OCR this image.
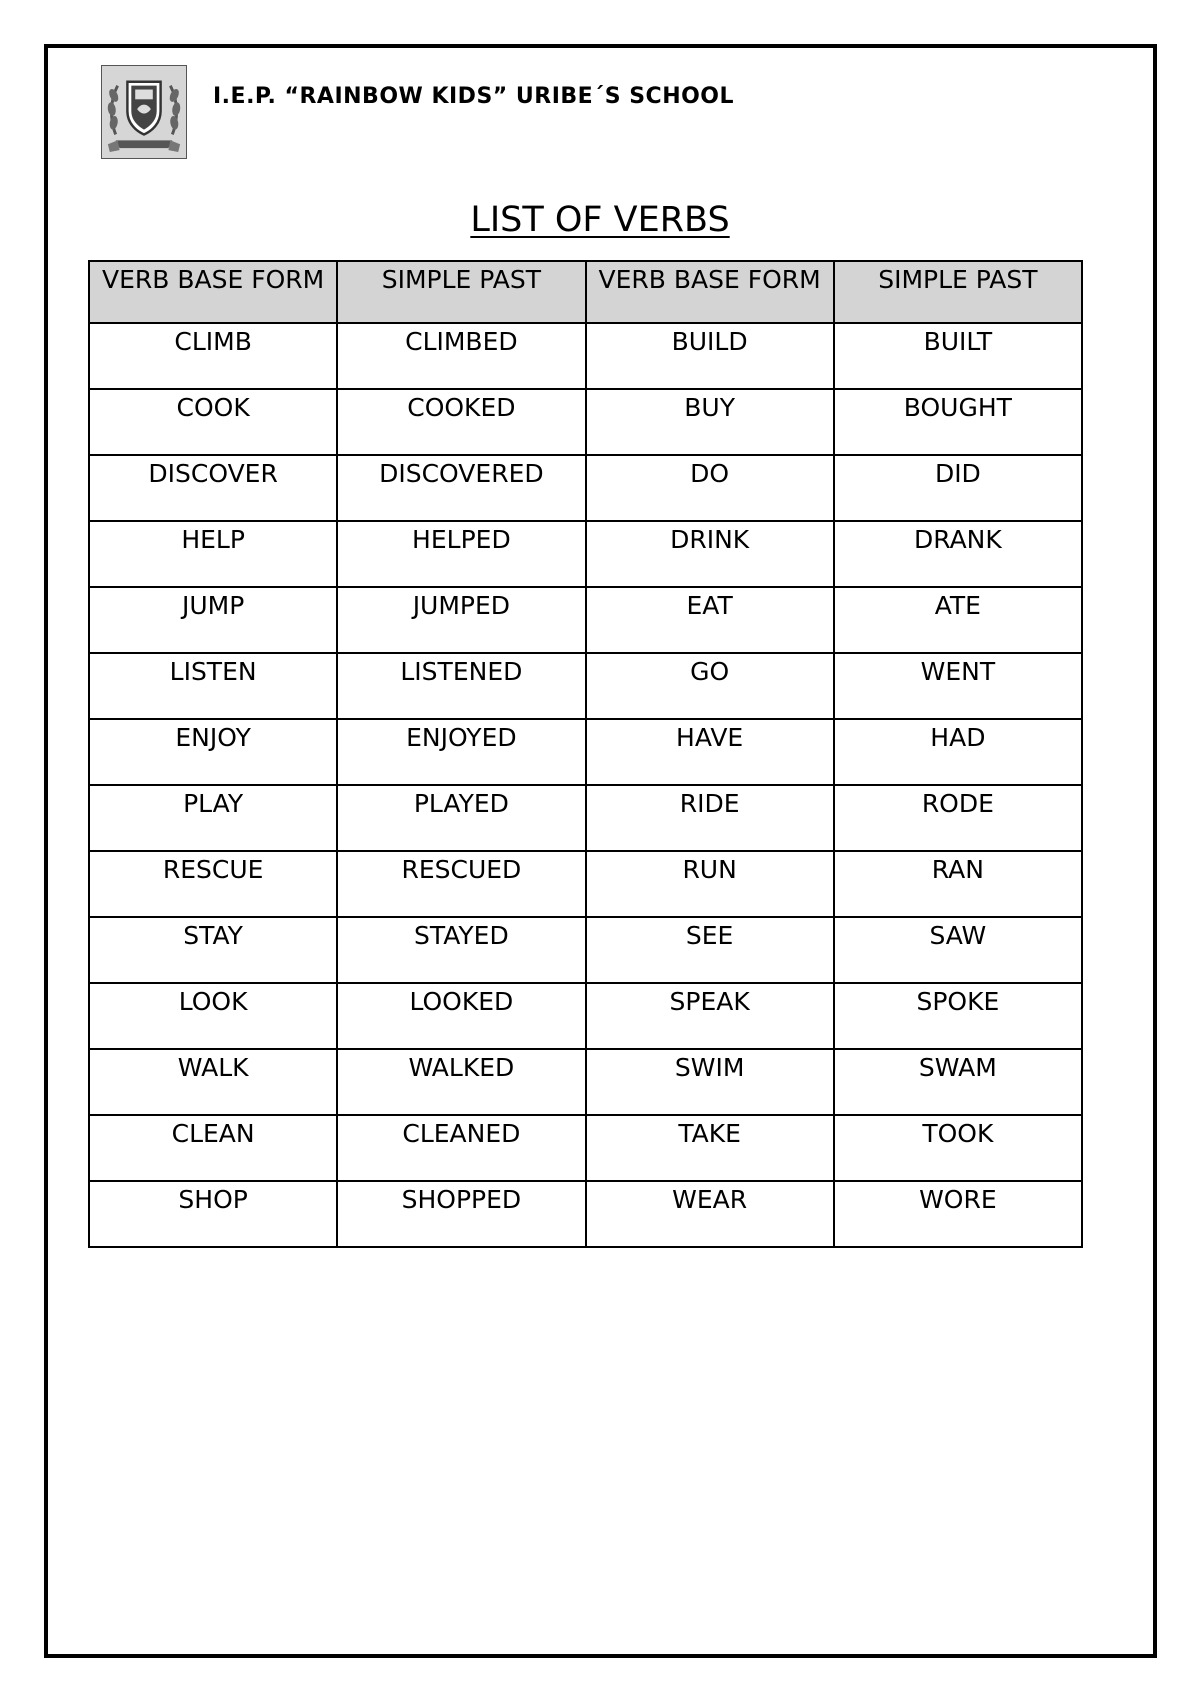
I.E.P. “RAINBOW KIDS” URIBE´S SCHOOL
LIST OF VERBS
VERB BASE FORM	SIMPLE PAST	VERB BASE FORM	SIMPLE PAST
CLIMB	CLIMBED	BUILD	BUILT
COOK	COOKED	BUY	BOUGHT
DISCOVER	DISCOVERED	DO	DID
HELP	HELPED	DRINK	DRANK
JUMP	JUMPED	EAT	ATE
LISTEN	LISTENED	GO	WENT
ENJOY	ENJOYED	HAVE	HAD
PLAY	PLAYED	RIDE	RODE
RESCUE	RESCUED	RUN	RAN
STAY	STAYED	SEE	SAW
LOOK	LOOKED	SPEAK	SPOKE
WALK	WALKED	SWIM	SWAM
CLEAN	CLEANED	TAKE	TOOK
SHOP	SHOPPED	WEAR	WORE
